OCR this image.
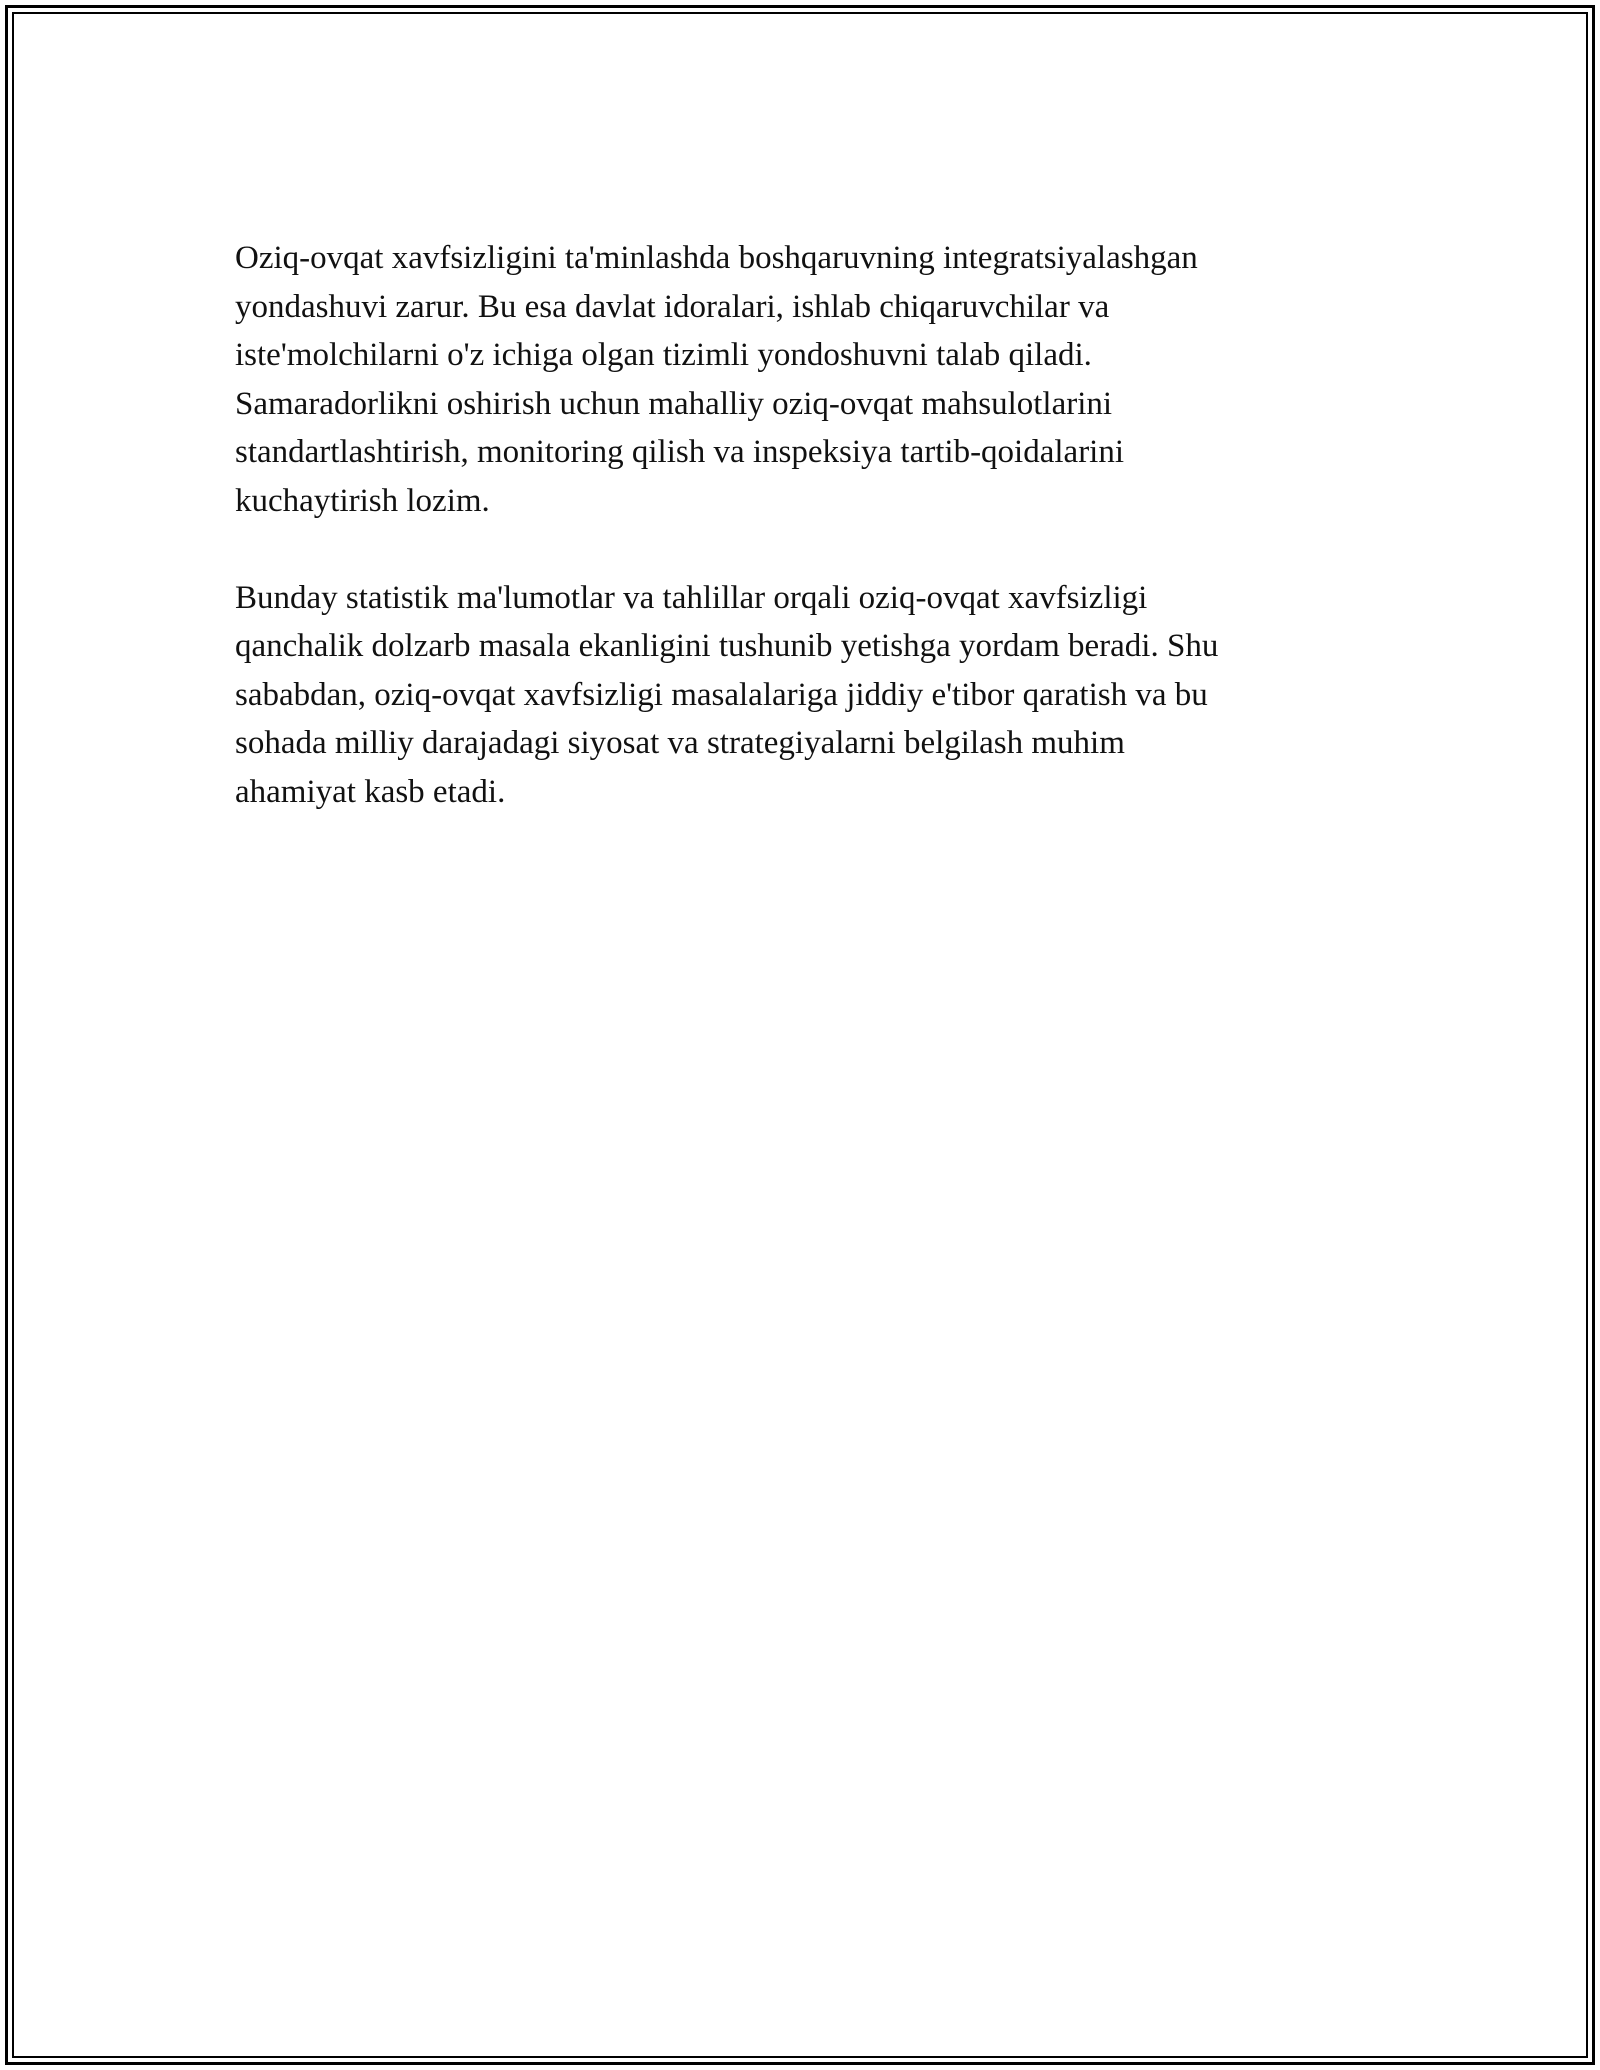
Oziq-ovqat xavfsizligini ta'minlashda boshqaruvning integratsiyalashgan
yondashuvi zarur. Bu esa davlat idoralari, ishlab chiqaruvchilar va
iste'molchilarni o'z ichiga olgan tizimli yondoshuvni talab qiladi.
Samaradorlikni oshirish uchun mahalliy oziq-ovqat mahsulotlarini
standartlashtirish, monitoring qilish va inspeksiya tartib-qoidalarini
kuchaytirish lozim.

Bunday statistik ma'lumotlar va tahlillar orqali oziq-ovqat xavfsizligi
qanchalik dolzarb masala ekanligini tushunib yetishga yordam beradi. Shu
sababdan, oziq-ovqat xavfsizligi masalalariga jiddiy e'tibor qaratish va bu
sohada milliy darajadagi siyosat va strategiyalarni belgilash muhim
ahamiyat kasb etadi.
